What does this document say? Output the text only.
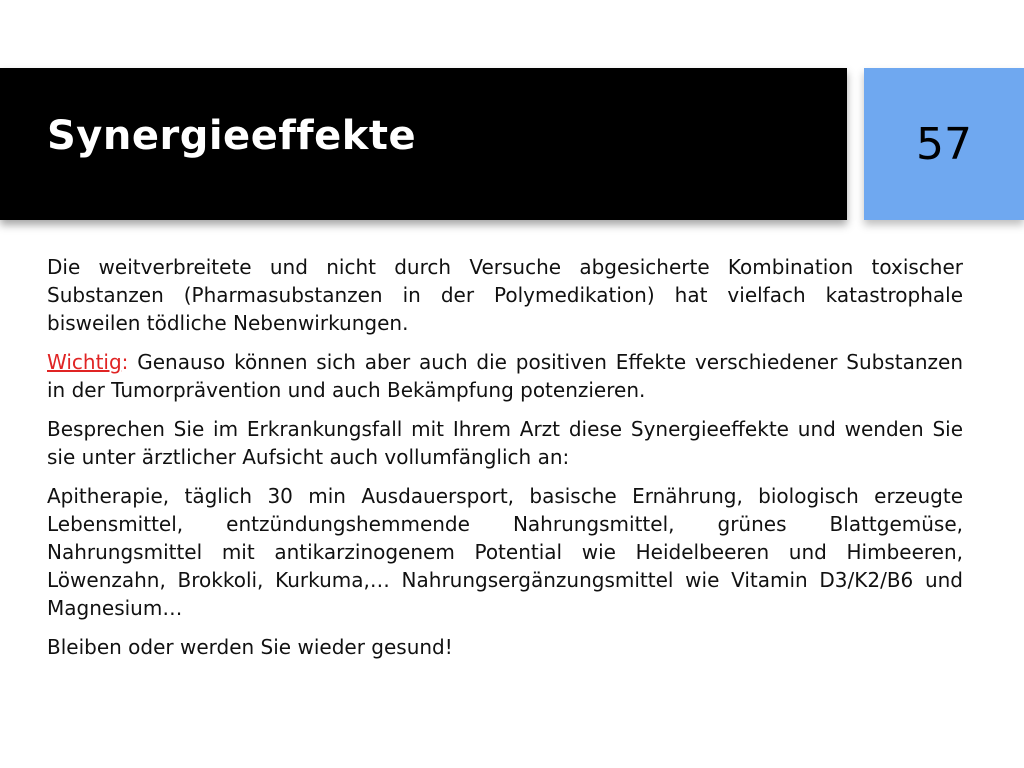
Synergieeffekte	57

Die weitverbreitete und nicht durch Versuche abgesicherte Kombination toxischer Substanzen (Pharmasubstanzen in der Polymedikation) hat vielfach katastrophale bisweilen tödliche Nebenwirkungen.

Wichtig: Genauso können sich aber auch die positiven Effekte verschiedener Substanzen in der Tumorprävention und auch Bekämpfung potenzieren.

Besprechen Sie im Erkrankungsfall mit Ihrem Arzt diese Synergieeffekte und wenden Sie sie unter ärztlicher Aufsicht auch vollumfänglich an:

Apitherapie, täglich 30 min Ausdauersport, basische Ernährung, biologisch erzeugte Lebensmittel, entzündungshemmende Nahrungsmittel, grünes Blattgemüse, Nahrungsmittel mit antikarzinogenem Potential wie Heidelbeeren und Himbeeren, Löwenzahn, Brokkoli, Kurkuma,… Nahrungsergänzungsmittel wie Vitamin D3/K2/B6 und Magnesium…

Bleiben oder werden Sie wieder gesund!
